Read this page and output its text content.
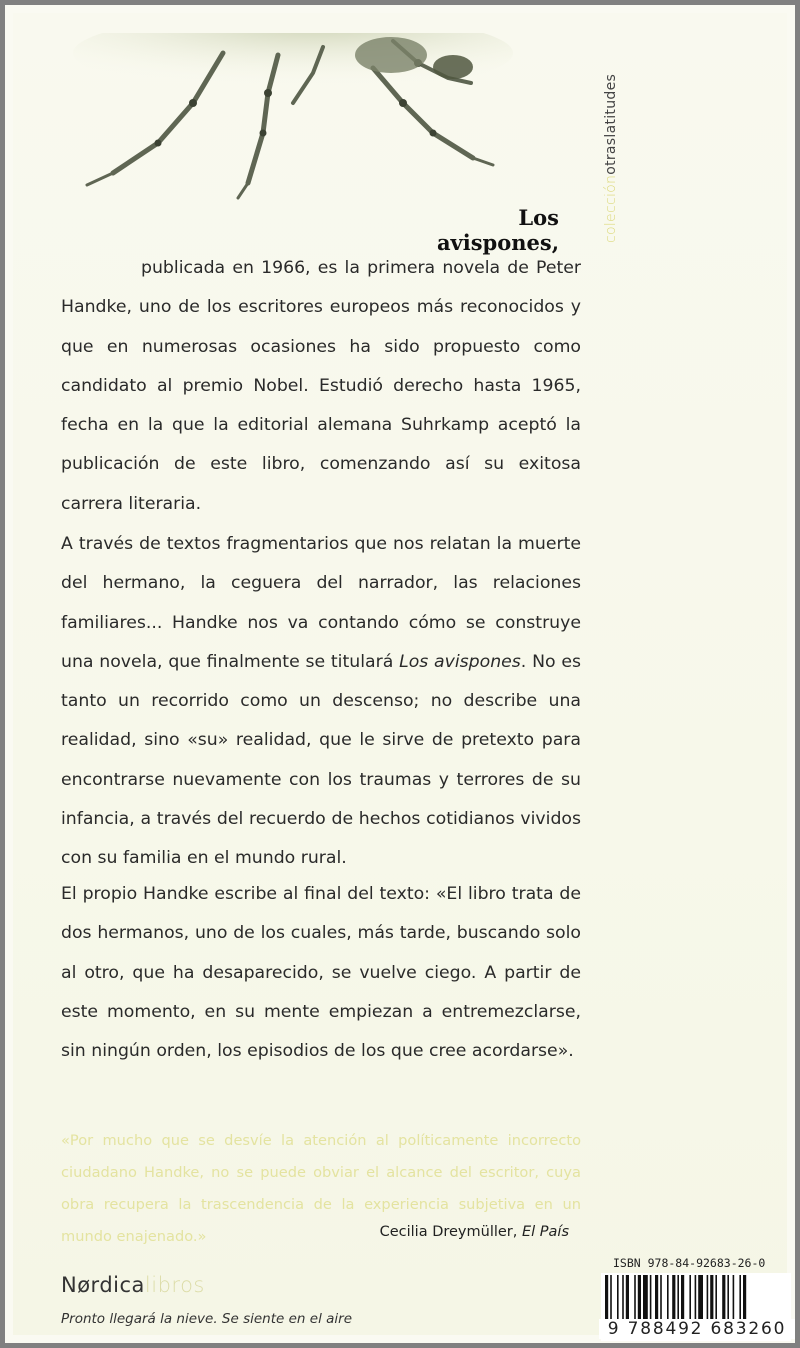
colecciónotraslatitudes
Los avispones,
publicada en 1966, es la primera novela de Peter Handke, uno de los escritores europeos más reconocidos y que en numerosas ocasiones ha sido propuesto como candidato al premio Nobel. Estudió derecho hasta 1965, fecha en la que la editorial alemana Suhrkamp aceptó la publicación de este libro, comenzando así su exitosa carrera literaria.
A través de textos fragmentarios que nos relatan la muerte del hermano, la ceguera del narrador, las relaciones familiares... Handke nos va contando cómo se construye una novela, que finalmente se titulará Los avispones. No es tanto un recorrido como un descenso; no describe una realidad, sino «su» realidad, que le sirve de pretexto para encontrarse nuevamente con los traumas y terrores de su infancia, a través del recuerdo de hechos cotidianos vividos con su familia en el mundo rural.
El propio Handke escribe al final del texto: «El libro trata de dos hermanos, uno de los cuales, más tarde, buscando solo al otro, que ha desaparecido, se vuelve ciego. A partir de este momento, en su mente empiezan a entremezclarse, sin ningún orden, los episodios de los que cree acordarse».
«Por mucho que se desvíe la atención al políticamente incorrecto ciudadano Handke, no se puede obviar el alcance del escritor, cuya obra recupera la trascendencia de la experiencia subjetiva en un mundo enajenado.»	Cecilia Dreymüller, El País
Nørdicalibros
Pronto llegará la nieve. Se siente en el aire
ISBN 978-84-92683-26-0
9 788492 683260
